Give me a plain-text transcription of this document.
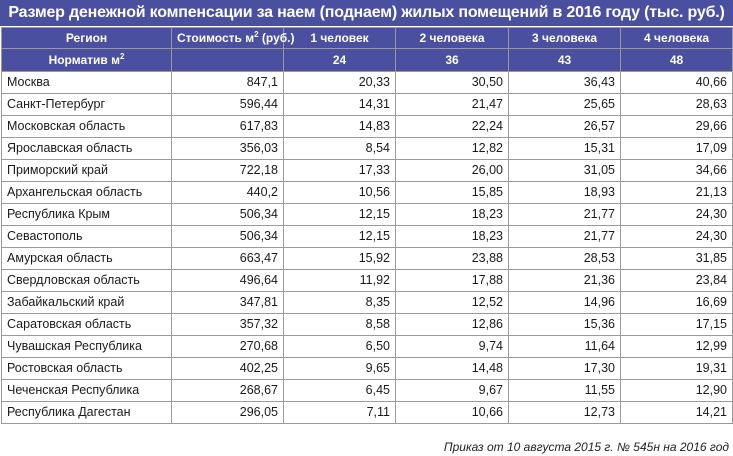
Размер денежной компенсации за наем (поднаем) жилых помещений в 2016 году (тыс. руб.)
Регион	Стоимость $м^2$ (руб.)	1 человек	2 человека	3 человека	4 человека
Норматив $м^2$		24	36	43	48
Москва	847,1	20,33	30,50	36,43	40,66
Санкт-Петербург	596,44	14,31	21,47	25,65	28,63
Московская область	617,83	14,83	22,24	26,57	29,66
Ярославская область	356,03	8,54	12,82	15,31	17,09
Приморский край	722,18	17,33	26,00	31,05	34,66
Архангельская область	440,2	10,56	15,85	18,93	21,13
Республика Крым	506,34	12,15	18,23	21,77	24,30
Севастополь	506,34	12,15	18,23	21,77	24,30
Амурская область	663,47	15,92	23,88	28,53	31,85
Свердловская область	496,64	11,92	17,88	21,36	23,84
Забайкальский край	347,81	8,35	12,52	14,96	16,69
Саратовская область	357,32	8,58	12,86	15,36	17,15
Чувашская Республика	270,68	6,50	9,74	11,64	12,99
Ростовская область	402,25	9,65	14,48	17,30	19,31
Чеченская Республика	268,67	6,45	9,67	11,55	12,90
Республика Дагестан	296,05	7,11	10,66	12,73	14,21
Приказ от 10 августа 2015 г. № 545н на 2016 год
